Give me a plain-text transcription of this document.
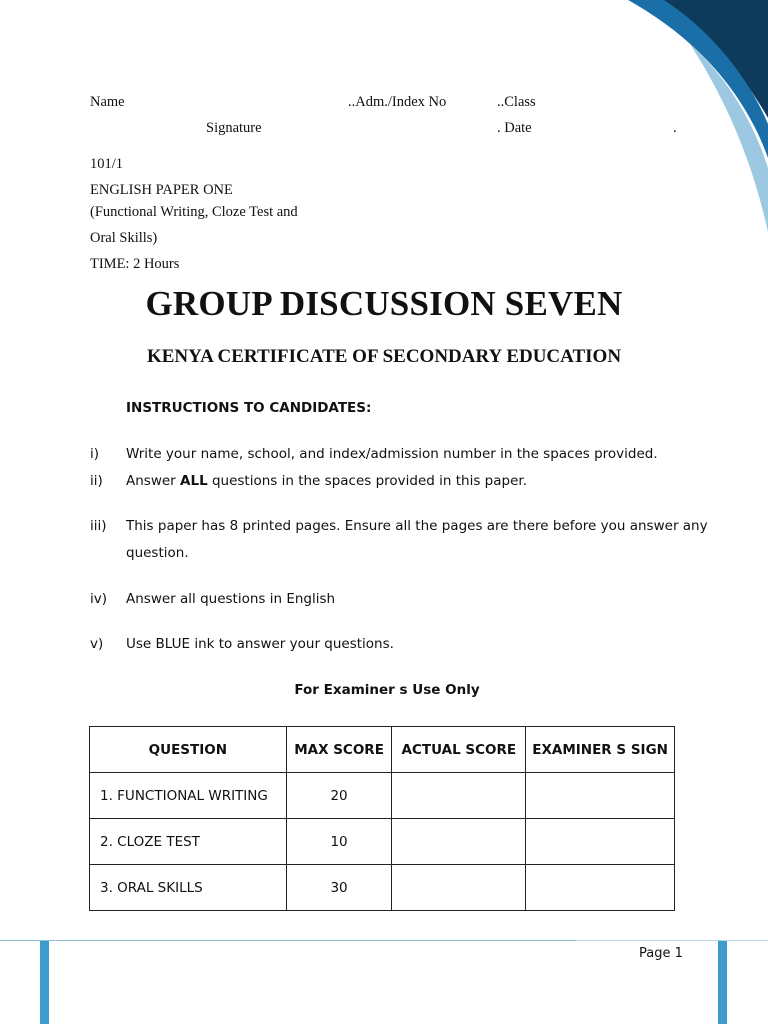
Name	..Adm./Index No	..Class
Signature	. Date	.
101/1
ENGLISH PAPER ONE
(Functional Writing, Cloze Test and
Oral Skills)
TIME: 2 Hours
GROUP DISCUSSION SEVEN
KENYA CERTIFICATE OF SECONDARY EDUCATION
INSTRUCTIONS TO CANDIDATES:
i) Write your name, school, and index/admission number in the spaces provided.
ii) Answer ALL questions in the spaces provided in this paper.
iii) This paper has 8 printed pages. Ensure all the pages are there before you answer any
question.
iv) Answer all questions in English
v) Use BLUE ink to answer your questions.
For Examiner s Use Only
QUESTION	MAX SCORE	ACTUAL SCORE	EXAMINER S SIGN
1. FUNCTIONAL WRITING	20		
2. CLOZE TEST	10		
3. ORAL SKILLS	30		
Page 1
